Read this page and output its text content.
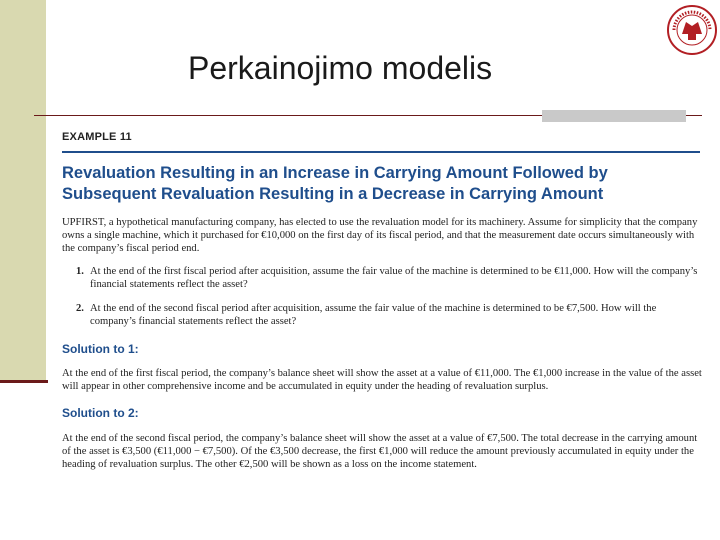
Perkainojimo modelis
EXAMPLE 11
Revaluation Resulting in an Increase in Carrying Amount Followed by
Subsequent Revaluation Resulting in a Decrease in Carrying Amount
UPFIRST, a hypothetical manufacturing company, has elected to use the revaluation model for its machinery. Assume for simplicity that the company owns a single machine, which it purchased for €10,000 on the first day of its fiscal period, and that the measurement date occurs simultaneously with the company’s fiscal period end.
1. At the end of the first fiscal period after acquisition, assume the fair value of the machine is determined to be €11,000. How will the company’s financial statements reflect the asset?
2. At the end of the second fiscal period after acquisition, assume the fair value of the machine is determined to be €7,500. How will the company’s financial statements reflect the asset?
Solution to 1:
At the end of the first fiscal period, the company’s balance sheet will show the asset at a value of €11,000. The €1,000 increase in the value of the asset will appear in other comprehensive income and be accumulated in equity under the heading of revaluation surplus.
Solution to 2:
At the end of the second fiscal period, the company’s balance sheet will show the asset at a value of €7,500. The total decrease in the carrying amount of the asset is €3,500 (€11,000 − €7,500). Of the €3,500 decrease, the first €1,000 will reduce the amount previously accumulated in equity under the heading of revaluation surplus. The other €2,500 will be shown as a loss on the income statement.
